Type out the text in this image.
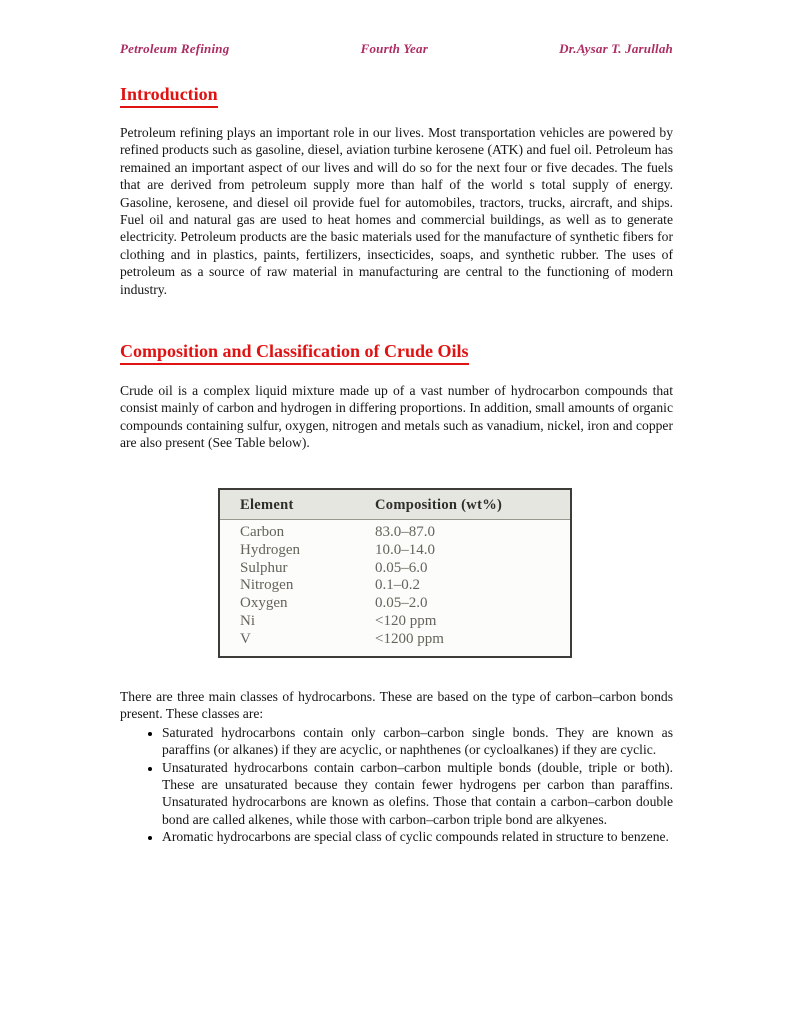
Petroleum Refining	Fourth Year	Dr.Aysar T. Jarullah
Introduction

Petroleum refining plays an important role in our lives. Most transportation vehicles are powered by refined products such as gasoline, diesel, aviation turbine kerosene (ATK) and fuel oil. Petroleum has remained an important aspect of our lives and will do so for the next four or five decades. The fuels that are derived from petroleum supply more than half of the world s total supply of energy. Gasoline, kerosene, and diesel oil provide fuel for automobiles, tractors, trucks, aircraft, and ships. Fuel oil and natural gas are used to heat homes and commercial buildings, as well as to generate electricity. Petroleum products are the basic materials used for the manufacture of synthetic fibers for clothing and in plastics, paints, fertilizers, insecticides, soaps, and synthetic rubber. The uses of petroleum as a source of raw material in manufacturing are central to the functioning of modern industry.

Composition and Classification of Crude Oils

Crude oil is a complex liquid mixture made up of a vast number of hydrocarbon compounds that consist mainly of carbon and hydrogen in differing proportions. In addition, small amounts of organic compounds containing sulfur, oxygen, nitrogen and metals such as vanadium, nickel, iron and copper are also present (See Table below).

Element	Composition (wt%)
Carbon	83.0–87.0
Hydrogen	10.0–14.0
Sulphur	0.05–6.0
Nitrogen	0.1–0.2
Oxygen	0.05–2.0
Ni	<120 ppm
V	<1200 ppm

There are three main classes of hydrocarbons. These are based on the type of carbon–carbon bonds present. These classes are:

• Saturated hydrocarbons contain only carbon–carbon single bonds. They are known as paraffins (or alkanes) if they are acyclic, or naphthenes (or cycloalkanes) if they are cyclic.
• Unsaturated hydrocarbons contain carbon–carbon multiple bonds (double, triple or both). These are unsaturated because they contain fewer hydrogens per carbon than paraffins. Unsaturated hydrocarbons are known as olefins. Those that contain a carbon–carbon double bond are called alkenes, while those with carbon–carbon triple bond are alkyenes.
• Aromatic hydrocarbons are special class of cyclic compounds related in structure to benzene.
